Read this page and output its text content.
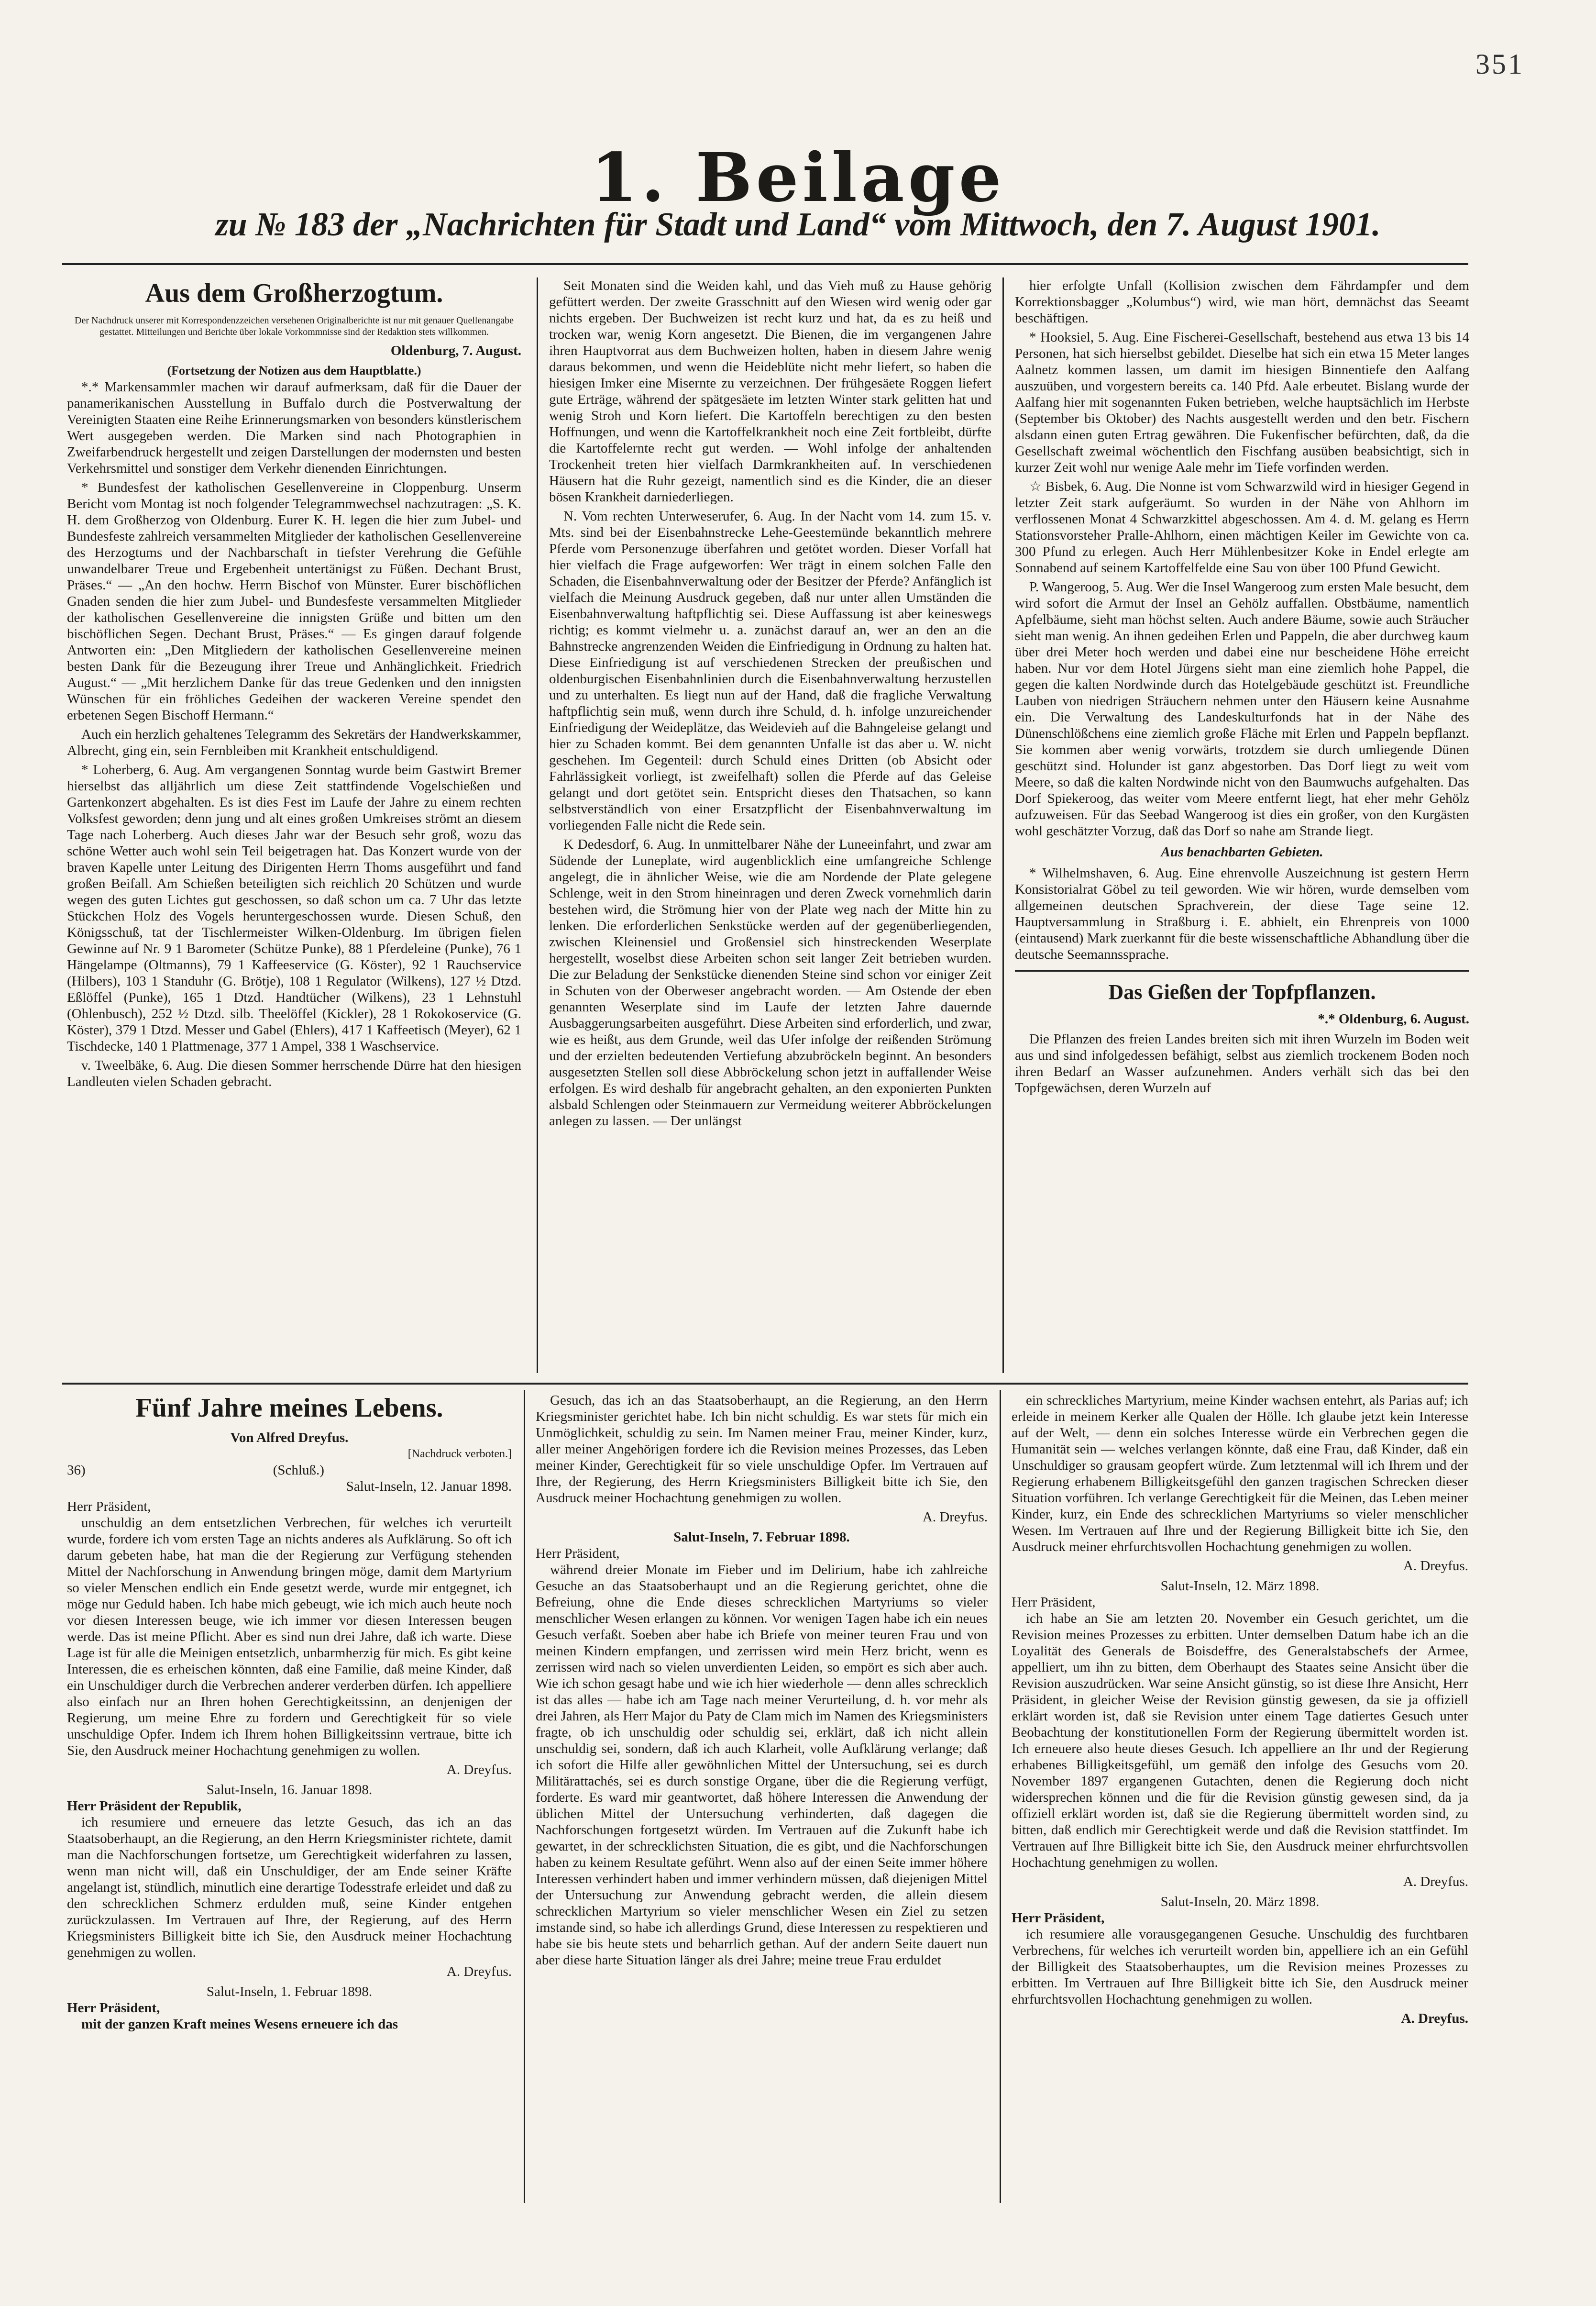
351
1. Beilage
zu № 183 der „Nachrichten für Stadt und Land“ vom Mittwoch, den 7. August 1901.
Aus dem Großherzogtum.
Der Nachdruck unserer mit Korrespondenzzeichen versehenen Originalberichte ist nur mit genauer Quellenangabe gestattet. Mitteilungen und Berichte über lokale Vorkommnisse sind der Redaktion stets willkommen.
Oldenburg, 7. August.
(Fortsetzung der Notizen aus dem Hauptblatte.)

*.* Markensammler machen wir darauf aufmerksam, daß für die Dauer der panamerikanischen Ausstellung in Buffalo durch die Postverwaltung der Vereinigten Staaten eine Reihe Erinnerungsmarken von besonders künstlerischem Wert ausgegeben werden. Die Marken sind nach Photographien in Zweifarbendruck hergestellt und zeigen Darstellungen der modernsten und besten Verkehrsmittel und sonstiger dem Verkehr dienenden Einrichtungen.

* Bundesfest der katholischen Gesellenvereine in Cloppenburg. Unserm Bericht vom Montag ist noch folgender Telegrammwechsel nachzutragen: „S. K. H. dem Großherzog von Oldenburg. Eurer K. H. legen die hier zum Jubel- und Bundesfeste zahlreich versammelten Mitglieder der katholischen Gesellenvereine des Herzogtums und der Nachbarschaft in tiefster Verehrung die Gefühle unwandelbarer Treue und Ergebenheit untertänigst zu Füßen. Dechant Brust, Präses.“ — „An den hochw. Herrn Bischof von Münster. Eurer bischöflichen Gnaden senden die hier zum Jubel- und Bundesfeste versammelten Mitglieder der katholischen Gesellenvereine die innigsten Grüße und bitten um den bischöflichen Segen. Dechant Brust, Präses.“ — Es gingen darauf folgende Antworten ein: „Den Mitgliedern der katholischen Gesellenvereine meinen besten Dank für die Bezeugung ihrer Treue und Anhänglichkeit. Friedrich August.“ — „Mit herzlichem Danke für das treue Gedenken und den innigsten Wünschen für ein fröhliches Gedeihen der wackeren Vereine spendet den erbetenen Segen Bischoff Hermann.“

Auch ein herzlich gehaltenes Telegramm des Sekretärs der Handwerkskammer, Albrecht, ging ein, sein Fernbleiben mit Krankheit entschuldigend.

* Loherberg, 6. Aug. Am vergangenen Sonntag wurde beim Gastwirt Bremer hierselbst das alljährlich um diese Zeit stattfindende Vogelschießen und Gartenkonzert abgehalten. Es ist dies Fest im Laufe der Jahre zu einem rechten Volksfest geworden; denn jung und alt eines großen Umkreises strömt an diesem Tage nach Loherberg. Auch dieses Jahr war der Besuch sehr groß, wozu das schöne Wetter auch wohl sein Teil beigetragen hat. Das Konzert wurde von der braven Kapelle unter Leitung des Dirigenten Herrn Thoms ausgeführt und fand großen Beifall. Am Schießen beteiligten sich reichlich 20 Schützen und wurde wegen des guten Lichtes gut geschossen, so daß schon um ca. 7 Uhr das letzte Stückchen Holz des Vogels heruntergeschossen wurde. Diesen Schuß, den Königsschuß, tat der Tischlermeister Wilken-Oldenburg. Im übrigen fielen Gewinne auf Nr. 9 1 Barometer (Schütze Punke), 88 1 Pferdeleine (Punke), 76 1 Hängelampe (Oltmanns), 79 1 Kaffeeservice (G. Köster), 92 1 Rauchservice (Hilbers), 103 1 Standuhr (G. Brötje), 108 1 Regulator (Wilkens), 127 ½ Dtzd. Eßlöffel (Punke), 165 1 Dtzd. Handtücher (Wilkens), 23 1 Lehnstuhl (Ohlenbusch), 252 ½ Dtzd. silb. Theelöffel (Kickler), 28 1 Rokokoservice (G. Köster), 379 1 Dtzd. Messer und Gabel (Ehlers), 417 1 Kaffeetisch (Meyer), 62 1 Tischdecke, 140 1 Plattmenage, 377 1 Ampel, 338 1 Waschservice.

v. Tweelbäke, 6. Aug. Die diesen Sommer herrschende Dürre hat den hiesigen Landleuten vielen Schaden gebracht.

Seit Monaten sind die Weiden kahl, und das Vieh muß zu Hause gehörig gefüttert werden. Der zweite Grasschnitt auf den Wiesen wird wenig oder gar nichts ergeben. Der Buchweizen ist recht kurz und hat, da es zu heiß und trocken war, wenig Korn angesetzt. Die Bienen, die im vergangenen Jahre ihren Hauptvorrat aus dem Buchweizen holten, haben in diesem Jahre wenig daraus bekommen, und wenn die Heideblüte nicht mehr liefert, so haben die hiesigen Imker eine Misernte zu verzeichnen. Der frühgesäete Roggen liefert gute Erträge, während der spätgesäete im letzten Winter stark gelitten hat und wenig Stroh und Korn liefert. Die Kartoffeln berechtigen zu den besten Hoffnungen, und wenn die Kartoffelkrankheit noch eine Zeit fortbleibt, dürfte die Kartoffelernte recht gut werden. — Wohl infolge der anhaltenden Trockenheit treten hier vielfach Darmkrankheiten auf. In verschiedenen Häusern hat die Ruhr gezeigt, namentlich sind es die Kinder, die an dieser bösen Krankheit darniederliegen.

N. Vom rechten Unterweserufer, 6. Aug. In der Nacht vom 14. zum 15. v. Mts. sind bei der Eisenbahnstrecke Lehe-Geestemünde bekanntlich mehrere Pferde vom Personenzuge überfahren und getötet worden. Dieser Vorfall hat hier vielfach die Frage aufgeworfen: Wer trägt in einem solchen Falle den Schaden, die Eisenbahnverwaltung oder der Besitzer der Pferde? Anfänglich ist vielfach die Meinung Ausdruck gegeben, daß nur unter allen Umständen die Eisenbahnverwaltung haftpflichtig sei. Diese Auffassung ist aber keineswegs richtig; es kommt vielmehr u. a. zunächst darauf an, wer an den an die Bahnstrecke angrenzenden Weiden die Einfriedigung in Ordnung zu halten hat. Diese Einfriedigung ist auf verschiedenen Strecken der preußischen und oldenburgischen Eisenbahnlinien durch die Eisenbahnverwaltung herzustellen und zu unterhalten. Es liegt nun auf der Hand, daß die fragliche Verwaltung haftpflichtig sein muß, wenn durch ihre Schuld, d. h. infolge unzureichender Einfriedigung der Weideplätze, das Weidevieh auf die Bahngeleise gelangt und hier zu Schaden kommt. Bei dem genannten Unfalle ist das aber u. W. nicht geschehen. Im Gegenteil: durch Schuld eines Dritten (ob Absicht oder Fahrlässigkeit vorliegt, ist zweifelhaft) sollen die Pferde auf das Geleise gelangt und dort getötet sein. Entspricht dieses den Thatsachen, so kann selbstverständlich von einer Ersatzpflicht der Eisenbahnverwaltung im vorliegenden Falle nicht die Rede sein.

K Dedesdorf, 6. Aug. In unmittelbarer Nähe der Luneeinfahrt, und zwar am Südende der Luneplate, wird augenblicklich eine umfangreiche Schlenge angelegt, die in ähnlicher Weise, wie die am Nordende der Plate gelegene Schlenge, weit in den Strom hineinragen und deren Zweck vornehmlich darin bestehen wird, die Strömung hier von der Plate weg nach der Mitte hin zu lenken. Die erforderlichen Senkstücke werden auf der gegenüberliegenden, zwischen Kleinensiel und Großensiel sich hinstreckenden Weserplate hergestellt, woselbst diese Arbeiten schon seit langer Zeit betrieben wurden. Die zur Beladung der Senkstücke dienenden Steine sind schon vor einiger Zeit in Schuten von der Oberweser angebracht worden. — Am Ostende der eben genannten Weserplate sind im Laufe der letzten Jahre dauernde Ausbaggerungsarbeiten ausgeführt. Diese Arbeiten sind erforderlich, und zwar, wie es heißt, aus dem Grunde, weil das Ufer infolge der reißenden Strömung und der erzielten bedeutenden Vertiefung abzubröckeln beginnt. An besonders ausgesetzten Stellen soll diese Abbröckelung schon jetzt in auffallender Weise erfolgen. Es wird deshalb für angebracht gehalten, an den exponierten Punkten alsbald Schlengen oder Steinmauern zur Vermeidung weiterer Abbröckelungen anlegen zu lassen. — Der unlängst

hier erfolgte Unfall (Kollision zwischen dem Fährdampfer und dem Korrektionsbagger „Kolumbus“) wird, wie man hört, demnächst das Seeamt beschäftigen.

* Hooksiel, 5. Aug. Eine Fischerei-Gesellschaft, bestehend aus etwa 13 bis 14 Personen, hat sich hierselbst gebildet. Dieselbe hat sich ein etwa 15 Meter langes Aalnetz kommen lassen, um damit im hiesigen Binnentiefe den Aalfang auszuüben, und vorgestern bereits ca. 140 Pfd. Aale erbeutet. Bislang wurde der Aalfang hier mit sogenannten Fuken betrieben, welche hauptsächlich im Herbste (September bis Oktober) des Nachts ausgestellt werden und den betr. Fischern alsdann einen guten Ertrag gewähren. Die Fukenfischer befürchten, daß, da die Gesellschaft zweimal wöchentlich den Fischfang ausüben beabsichtigt, sich in kurzer Zeit wohl nur wenige Aale mehr im Tiefe vorfinden werden.

☆ Bisbek, 6. Aug. Die Nonne ist vom Schwarzwild wird in hiesiger Gegend in letzter Zeit stark aufgeräumt. So wurden in der Nähe von Ahlhorn im verflossenen Monat 4 Schwarzkittel abgeschossen. Am 4. d. M. gelang es Herrn Stationsvorsteher Pralle-Ahlhorn, einen mächtigen Keiler im Gewichte von ca. 300 Pfund zu erlegen. Auch Herr Mühlenbesitzer Koke in Endel erlegte am Sonnabend auf seinem Kartoffelfelde eine Sau von über 100 Pfund Gewicht.

P. Wangeroog, 5. Aug. Wer die Insel Wangeroog zum ersten Male besucht, dem wird sofort die Armut der Insel an Gehölz auffallen. Obstbäume, namentlich Apfelbäume, sieht man höchst selten. Auch andere Bäume, sowie auch Sträucher sieht man wenig. An ihnen gedeihen Erlen und Pappeln, die aber durchweg kaum über drei Meter hoch werden und dabei eine nur bescheidene Höhe erreicht haben. Nur vor dem Hotel Jürgens sieht man eine ziemlich hohe Pappel, die gegen die kalten Nordwinde durch das Hotelgebäude geschützt ist. Freundliche Lauben von niedrigen Sträuchern nehmen unter den Häusern keine Ausnahme ein. Die Verwaltung des Landeskulturfonds hat in der Nähe des Dünenschlößchens eine ziemlich große Fläche mit Erlen und Pappeln bepflanzt. Sie kommen aber wenig vorwärts, trotzdem sie durch umliegende Dünen geschützt sind. Holunder ist ganz abgestorben. Das Dorf liegt zu weit vom Meere, so daß die kalten Nordwinde nicht von den Baumwuchs aufgehalten. Das Dorf Spiekeroog, das weiter vom Meere entfernt liegt, hat eher mehr Gehölz aufzuweisen. Für das Seebad Wangeroog ist dies ein großer, von den Kurgästen wohl geschätzter Vorzug, daß das Dorf so nahe am Strande liegt.

Aus benachbarten Gebieten.

* Wilhelmshaven, 6. Aug. Eine ehrenvolle Auszeichnung ist gestern Herrn Konsistorialrat Göbel zu teil geworden. Wie wir hören, wurde demselben vom allgemeinen deutschen Sprachverein, der diese Tage seine 12. Hauptversammlung in Straßburg i. E. abhielt, ein Ehrenpreis von 1000 (eintausend) Mark zuerkannt für die beste wissenschaftliche Abhandlung über die deutsche Seemannssprache.

Das Gießen der Topfpflanzen.
*.* Oldenburg, 6. August.

Die Pflanzen des freien Landes breiten sich mit ihren Wurzeln im Boden weit aus und sind infolgedessen befähigt, selbst aus ziemlich trockenem Boden noch ihren Bedarf an Wasser aufzunehmen. Anders verhält sich das bei den Topfgewächsen, deren Wurzeln auf

Fünf Jahre meines Lebens.
Von Alfred Dreyfus.
[Nachdruck verboten.]
36)	(Schluß.)
Salut-Inseln, 12. Januar 1898.
Herr Präsident,

unschuldig an dem entsetzlichen Verbrechen, für welches ich verurteilt wurde, fordere ich vom ersten Tage an nichts anderes als Aufklärung. So oft ich darum gebeten habe, hat man die der Regierung zur Verfügung stehenden Mittel der Nachforschung in Anwendung bringen möge, damit dem Martyrium so vieler Menschen endlich ein Ende gesetzt werde, wurde mir entgegnet, ich möge nur Geduld haben. Ich habe mich gebeugt, wie ich mich auch heute noch vor diesen Interessen beuge, wie ich immer vor diesen Interessen beugen werde. Das ist meine Pflicht. Aber es sind nun drei Jahre, daß ich warte. Diese Lage ist für alle die Meinigen entsetzlich, unbarmherzig für mich. Es gibt keine Interessen, die es erheischen könnten, daß eine Familie, daß meine Kinder, daß ein Unschuldiger durch die Verbrechen anderer verderben dürfen. Ich appelliere also einfach nur an Ihren hohen Gerechtigkeitssinn, an denjenigen der Regierung, um meine Ehre zu fordern und Gerechtigkeit für so viele unschuldige Opfer. Indem ich Ihrem hohen Billigkeitssinn vertraue, bitte ich Sie, den Ausdruck meiner Hochachtung genehmigen zu wollen.

A. Dreyfus.
Salut-Inseln, 16. Januar 1898.
Herr Präsident der Republik,

ich resumiere und erneuere das letzte Gesuch, das ich an das Staatsoberhaupt, an die Regierung, an den Herrn Kriegsminister richtete, damit man die Nachforschungen fortsetze, um Gerechtigkeit widerfahren zu lassen, wenn man nicht will, daß ein Unschuldiger, der am Ende seiner Kräfte angelangt ist, stündlich, minutlich eine derartige Todesstrafe erleidet und daß zu den schrecklichen Schmerz erdulden muß, seine Kinder entgehen zurückzulassen. Im Vertrauen auf Ihre, der Regierung, auf des Herrn Kriegsministers Billigkeit bitte ich Sie, den Ausdruck meiner Hochachtung genehmigen zu wollen.

A. Dreyfus.
Salut-Inseln, 1. Februar 1898.
Herr Präsident,

mit der ganzen Kraft meines Wesens erneuere ich das

Gesuch, das ich an das Staatsoberhaupt, an die Regierung, an den Herrn Kriegsminister gerichtet habe. Ich bin nicht schuldig. Es war stets für mich ein Unmöglichkeit, schuldig zu sein. Im Namen meiner Frau, meiner Kinder, kurz, aller meiner Angehörigen fordere ich die Revision meines Prozesses, das Leben meiner Kinder, Gerechtigkeit für so viele unschuldige Opfer. Im Vertrauen auf Ihre, der Regierung, des Herrn Kriegsministers Billigkeit bitte ich Sie, den Ausdruck meiner Hochachtung genehmigen zu wollen.

A. Dreyfus.
Salut-Inseln, 7. Februar 1898.
Herr Präsident,

während dreier Monate im Fieber und im Delirium, habe ich zahlreiche Gesuche an das Staatsoberhaupt und an die Regierung gerichtet, ohne die Befreiung, ohne die Ende dieses schrecklichen Martyriums so vieler menschlicher Wesen erlangen zu können. Vor wenigen Tagen habe ich ein neues Gesuch verfaßt. Soeben aber habe ich Briefe von meiner teuren Frau und von meinen Kindern empfangen, und zerrissen wird mein Herz bricht, wenn es zerrissen wird nach so vielen unverdienten Leiden, so empört es sich aber auch. Wie ich schon gesagt habe und wie ich hier wiederhole — denn alles schrecklich ist das alles — habe ich am Tage nach meiner Verurteilung, d. h. vor mehr als drei Jahren, als Herr Major du Paty de Clam mich im Namen des Kriegsministers fragte, ob ich unschuldig oder schuldig sei, erklärt, daß ich nicht allein unschuldig sei, sondern, daß ich auch Klarheit, volle Aufklärung verlange; daß ich sofort die Hilfe aller gewöhnlichen Mittel der Untersuchung, sei es durch Militärattachés, sei es durch sonstige Organe, über die die Regierung verfügt, forderte. Es ward mir geantwortet, daß höhere Interessen die Anwendung der üblichen Mittel der Untersuchung verhinderten, daß dagegen die Nachforschungen fortgesetzt würden. Im Vertrauen auf die Zukunft habe ich gewartet, in der schrecklichsten Situation, die es gibt, und die Nachforschungen haben zu keinem Resultate geführt. Wenn also auf der einen Seite immer höhere Interessen verhindert haben und immer verhindern müssen, daß diejenigen Mittel der Untersuchung zur Anwendung gebracht werden, die allein diesem schrecklichen Martyrium so vieler menschlicher Wesen ein Ziel zu setzen imstande sind, so habe ich allerdings Grund, diese Interessen zu respektieren und habe sie bis heute stets und beharrlich gethan. Auf der andern Seite dauert nun aber diese harte Situation länger als drei Jahre; meine treue Frau erduldet

ein schreckliches Martyrium, meine Kinder wachsen entehrt, als Parias auf; ich erleide in meinem Kerker alle Qualen der Hölle. Ich glaube jetzt kein Interesse auf der Welt, — denn ein solches Interesse würde ein Verbrechen gegen die Humanität sein — welches verlangen könnte, daß eine Frau, daß Kinder, daß ein Unschuldiger so grausam geopfert würde. Zum letztenmal will ich Ihrem und der Regierung erhabenem Billigkeitsgefühl den ganzen tragischen Schrecken dieser Situation vorführen. Ich verlange Gerechtigkeit für die Meinen, das Leben meiner Kinder, kurz, ein Ende des schrecklichen Martyriums so vieler menschlicher Wesen. Im Vertrauen auf Ihre und der Regierung Billigkeit bitte ich Sie, den Ausdruck meiner ehrfurchtsvollen Hochachtung genehmigen zu wollen.

A. Dreyfus.
Salut-Inseln, 12. März 1898.
Herr Präsident,

ich habe an Sie am letzten 20. November ein Gesuch gerichtet, um die Revision meines Prozesses zu erbitten. Unter demselben Datum habe ich an die Loyalität des Generals de Boisdeffre, des Generalstabschefs der Armee, appelliert, um ihn zu bitten, dem Oberhaupt des Staates seine Ansicht über die Revision auszudrücken. War seine Ansicht günstig, so ist diese Ihre Ansicht, Herr Präsident, in gleicher Weise der Revision günstig gewesen, da sie ja offiziell erklärt worden ist, daß sie Revision unter einem Tage datiertes Gesuch unter Beobachtung der konstitutionellen Form der Regierung übermittelt worden ist. Ich erneuere also heute dieses Gesuch. Ich appelliere an Ihr und der Regierung erhabenes Billigkeitsgefühl, um gemäß den infolge des Gesuchs vom 20. November 1897 ergangenen Gutachten, denen die Regierung doch nicht widersprechen können und die für die Revision günstig gewesen sind, da ja offiziell erklärt worden ist, daß sie die Regierung übermittelt worden sind, zu bitten, daß endlich mir Gerechtigkeit werde und daß die Revision stattfindet. Im Vertrauen auf Ihre Billigkeit bitte ich Sie, den Ausdruck meiner ehrfurchtsvollen Hochachtung genehmigen zu wollen.

A. Dreyfus.
Salut-Inseln, 20. März 1898.
Herr Präsident,

ich resumiere alle vorausgegangenen Gesuche. Unschuldig des furchtbaren Verbrechens, für welches ich verurteilt worden bin, appelliere ich an ein Gefühl der Billigkeit des Staatsoberhauptes, um die Revision meines Prozesses zu erbitten. Im Vertrauen auf Ihre Billigkeit bitte ich Sie, den Ausdruck meiner ehrfurchtsvollen Hochachtung genehmigen zu wollen.

A. Dreyfus.
